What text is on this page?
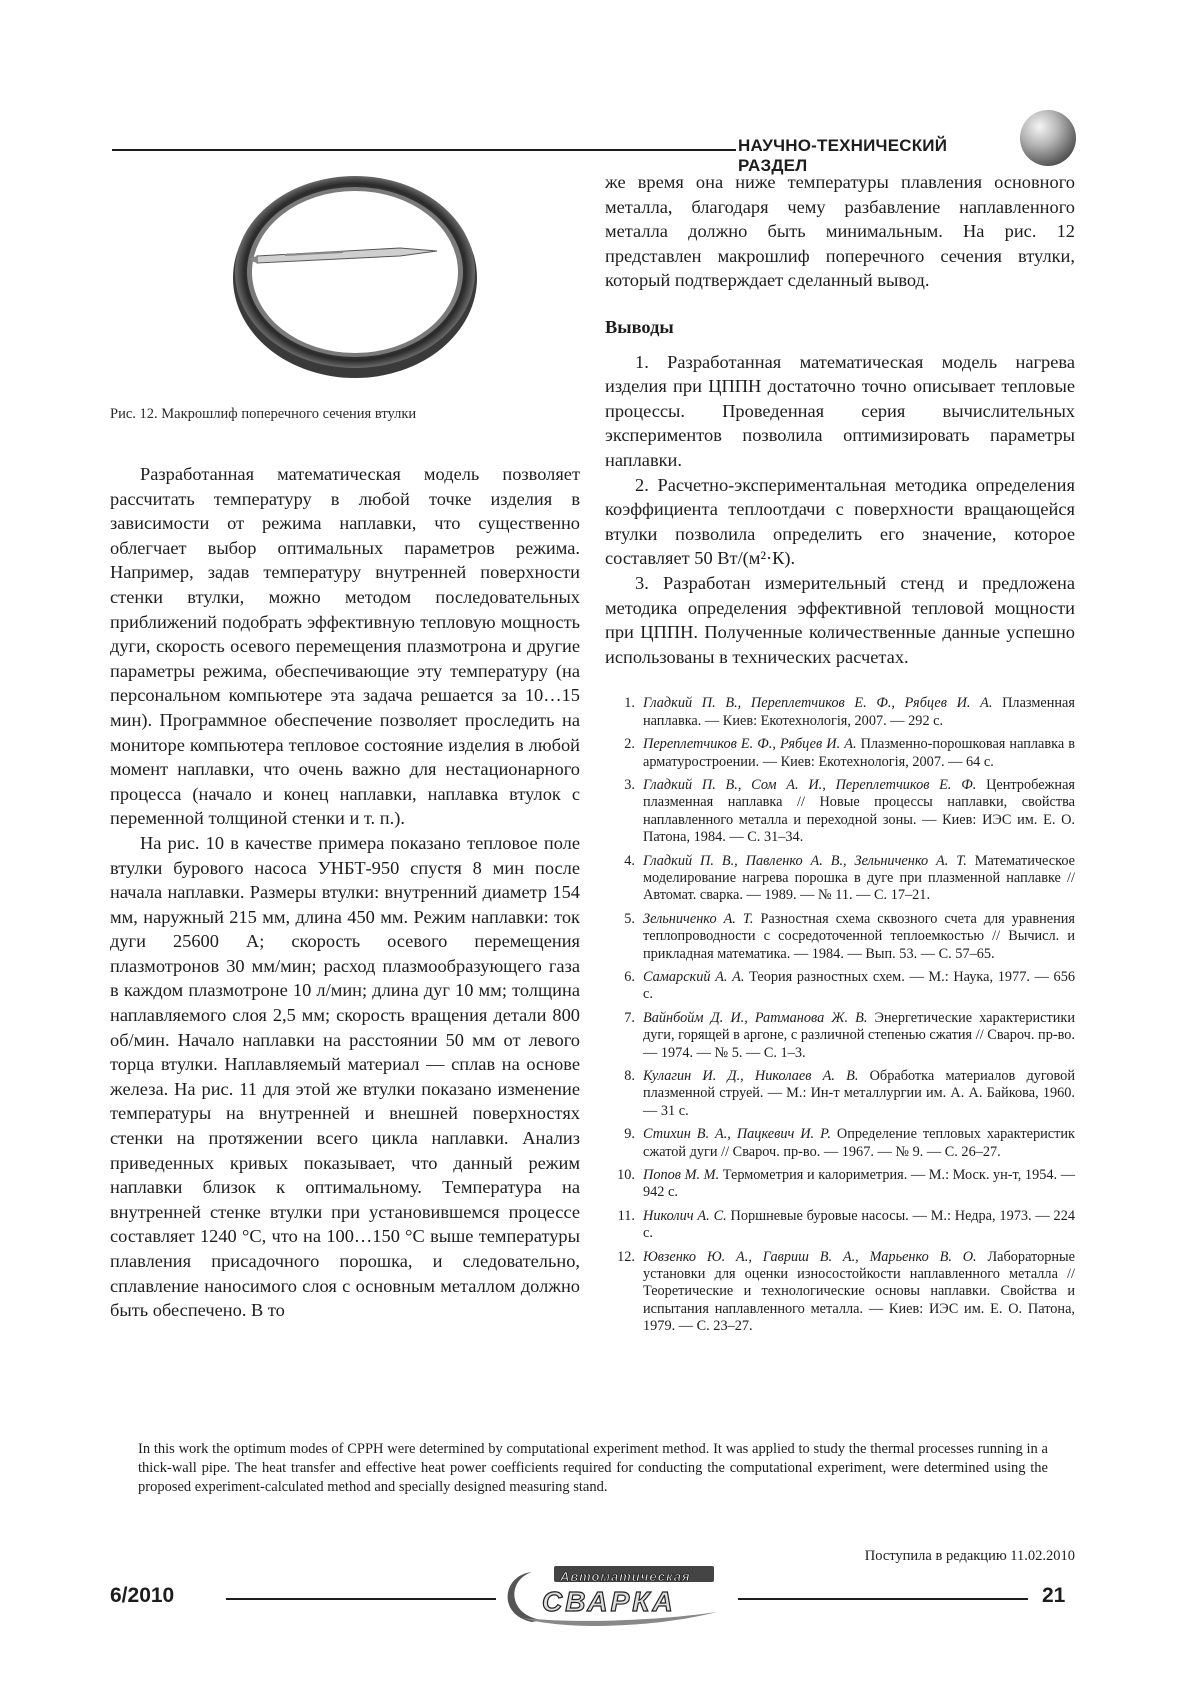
НАУЧНО-ТЕХНИЧЕСКИЙ РАЗДЕЛ
Рис. 12. Макрошлиф поперечного сечения втулки

Разработанная математическая модель позволяет рассчитать температуру в любой точке изделия в зависимости от режима наплавки, что существенно облегчает выбор оптимальных параметров режима. Например, задав температуру внутренней поверхности стенки втулки, можно методом последовательных приближений подобрать эффективную тепловую мощность дуги, скорость осевого перемещения плазмотрона и другие параметры режима, обеспечивающие эту температуру (на персональном компьютере эта задача решается за 10…15 мин). Программное обеспечение позволяет проследить на мониторе компьютера тепловое состояние изделия в любой момент наплавки, что очень важно для нестационарного процесса (начало и конец наплавки, наплавка втулок с переменной толщиной стенки и т. п.).

На рис. 10 в качестве примера показано тепловое поле втулки бурового насоса УНБТ-950 спустя 8 мин после начала наплавки. Размеры втулки: внутренний диаметр 154 мм, наружный 215 мм, длина 450 мм. Режим наплавки: ток дуги 25600 А; скорость осевого перемещения плазмотронов 30 мм/мин; расход плазмообразующего газа в каждом плазмотроне 10 л/мин; длина дуг 10 мм; толщина наплавляемого слоя 2,5 мм; скорость вращения детали 800 об/мин. Начало наплавки на расстоянии 50 мм от левого торца втулки. Наплавляемый материал — сплав на основе железа. На рис. 11 для этой же втулки показано изменение температуры на внутренней и внешней поверхностях стенки на протяжении всего цикла наплавки. Анализ приведенных кривых показывает, что данный режим наплавки близок к оптимальному. Температура на внутренней стенке втулки при установившемся процессе составляет 1240 °С, что на 100…150 °С выше температуры плавления присадочного порошка, и следовательно, сплавление наносимого слоя с основным металлом должно быть обеспечено. В то

же время она ниже температуры плавления основного металла, благодаря чему разбавление наплавленного металла должно быть минимальным. На рис. 12 представлен макрошлиф поперечного сечения втулки, который подтверждает сделанный вывод.

Выводы

1. Разработанная математическая модель нагрева изделия при ЦППН достаточно точно описывает тепловые процессы. Проведенная серия вычислительных экспериментов позволила оптимизировать параметры наплавки.

2. Расчетно-экспериментальная методика определения коэффициента теплоотдачи с поверхности вращающейся втулки позволила определить его значение, которое составляет 50 Вт/(м²·К).

3. Разработан измерительный стенд и предложена методика определения эффективной тепловой мощности при ЦППН. Полученные количественные данные успешно использованы в технических расчетах.

1. Гладкий П. В., Переплетчиков Е. Ф., Рябцев И. А. Плазменная наплавка. — Киев: Екотехнологія, 2007. — 292 с.
2. Переплетчиков Е. Ф., Рябцев И. А. Плазменно-порошковая наплавка в арматуростроении. — Киев: Екотехнологія, 2007. — 64 с.
3. Гладкий П. В., Сом А. И., Переплетчиков Е. Ф. Центробежная плазменная наплавка // Новые процессы наплавки, свойства наплавленного металла и переходной зоны. — Киев: ИЭС им. Е. О. Патона, 1984. — С. 31–34.
4. Гладкий П. В., Павленко А. В., Зельниченко А. Т. Математическое моделирование нагрева порошка в дуге при плазменной наплавке // Автомат. сварка. — 1989. — № 11. — С. 17–21.
5. Зельниченко А. Т. Разностная схема сквозного счета для уравнения теплопроводности с сосредоточенной теплоемкостью // Вычисл. и прикладная математика. — 1984. — Вып. 53. — С. 57–65.
6. Самарский А. А. Теория разностных схем. — М.: Наука, 1977. — 656 с.
7. Вайнбойм Д. И., Ратманова Ж. В. Энергетические характеристики дуги, горящей в аргоне, с различной степенью сжатия // Свароч. пр-во. — 1974. — № 5. — С. 1–3.
8. Кулагин И. Д., Николаев А. В. Обработка материалов дуговой плазменной струей. — М.: Ин-т металлургии им. А. А. Байкова, 1960. — 31 с.
9. Стихин В. А., Пацкевич И. Р. Определение тепловых характеристик сжатой дуги // Свароч. пр-во. — 1967. — № 9. — С. 26–27.
10. Попов М. М. Термометрия и калориметрия. — М.: Моск. ун-т, 1954. — 942 с.
11. Николич А. С. Поршневые буровые насосы. — М.: Недра, 1973. — 224 с.
12. Ювзенко Ю. А., Гавриш В. А., Марьенко В. О. Лабораторные установки для оценки износостойкости наплавленного металла // Теоретические и технологические основы наплавки. Свойства и испытания наплавленного металла. — Киев: ИЭС им. Е. О. Патона, 1979. — С. 23–27.
In this work the optimum modes of CPPH were determined by computational experiment method. It was applied to study the thermal processes running in a thick-wall pipe. The heat transfer and effective heat power coefficients required for conducting the computational experiment, were determined using the proposed experiment-calculated method and specially designed measuring stand.
Поступила в редакцию 11.02.2010
6/2010
Автоматическая
СВАРКА	21
